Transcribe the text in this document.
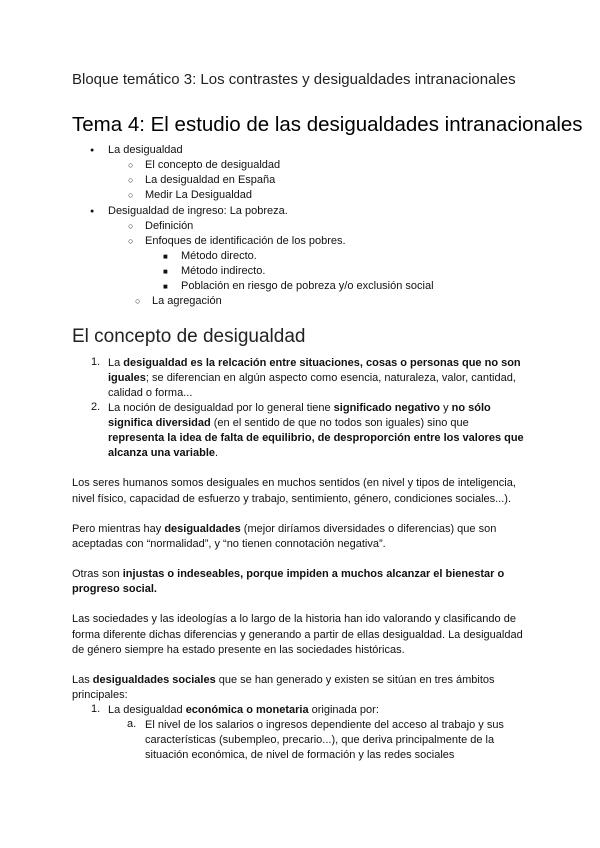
Bloque temático 3: Los contrastes y desigualdades intranacionales
Tema 4: El estudio de las desigualdades intranacionales
● La desigualdad
○ El concepto de desigualdad
○ La desigualdad en España
○ Medir La Desigualdad
● Desigualdad de ingreso: La pobreza.
○ Definición
○ Enfoques de identificación de los pobres.
■ Método directo.
■ Método indirecto.
■ Población en riesgo de pobreza y/o exclusión social
○ La agregación
El concepto de desigualdad
1. La desigualdad es la relcación entre situaciones, cosas o personas que no son
iguales; se diferencian en algún aspecto como esencia, naturaleza, valor, cantidad,
calidad o forma...
2. La noción de desigualdad por lo general tiene significado negativo y no sólo
significa diversidad (en el sentido de que no todos son iguales) sino que
representa la idea de falta de equilibrio, de desproporción entre los valores que
alcanza una variable.
Los seres humanos somos desiguales en muchos sentidos (en nivel y tipos de inteligencia,
nivel físico, capacidad de esfuerzo y trabajo, sentimiento, género, condiciones sociales...).
Pero mientras hay desigualdades (mejor diríamos diversidades o diferencias) que son
aceptadas con “normalidad”, y “no tienen connotación negativa”.
Otras son injustas o indeseables, porque impiden a muchos alcanzar el bienestar o
progreso social.
Las sociedades y las ideologías a lo largo de la historia han ido valorando y clasificando de
forma diferente dichas diferencias y generando a partir de ellas desigualdad. La desigualdad
de género siempre ha estado presente en las sociedades históricas.
Las desigualdades sociales que se han generado y existen se sitúan en tres ámbitos
principales:
1. La desigualdad económica o monetaria originada por:
a. El nivel de los salarios o ingresos dependiente del acceso al trabajo y sus
características (subempleo, precario...), que deriva principalmente de la
situación económica, de nivel de formación y las redes sociales
